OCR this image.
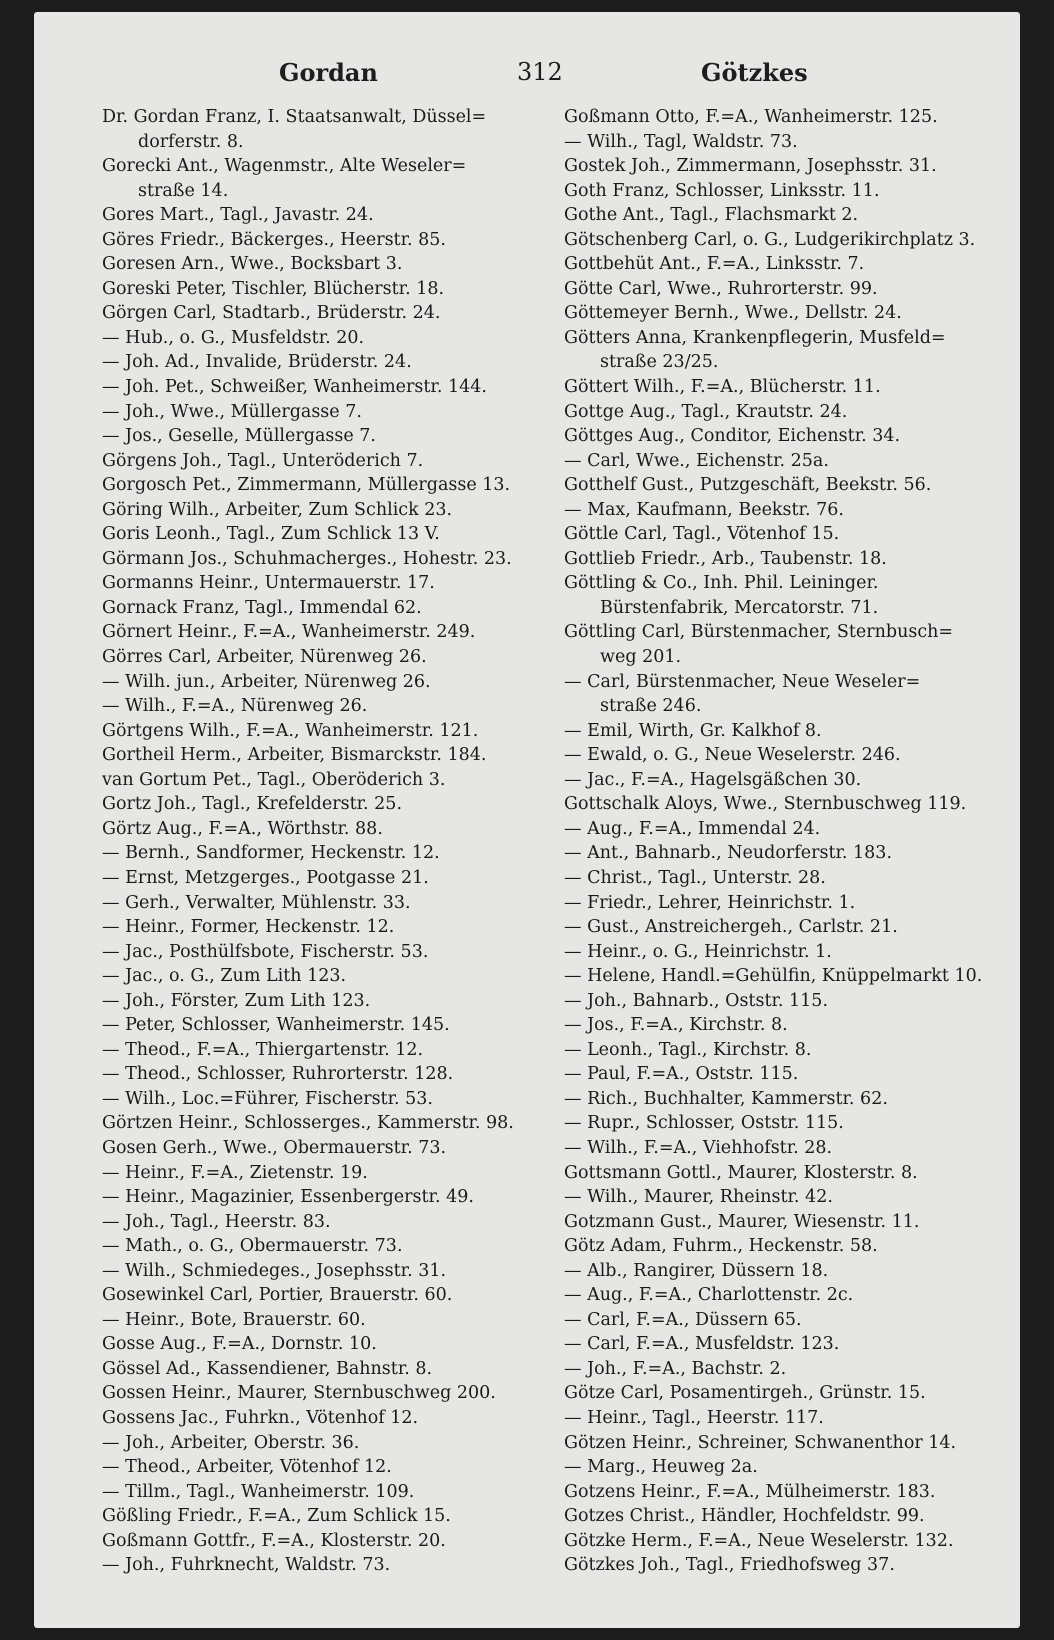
Gordan	312	Götzkes
Dr. Gordan Franz, I. Staatsanwalt, Düssel=
dorferstr. 8.
Gorecki Ant., Wagenmstr., Alte Weseler=
straße 14.
Gores Mart., Tagl., Javastr. 24.
Göres Friedr., Bäckerges., Heerstr. 85.
Goresen Arn., Wwe., Bocksbart 3.
Goreski Peter, Tischler, Blücherstr. 18.
Görgen Carl, Stadtarb., Brüderstr. 24.
— Hub., o. G., Musfeldstr. 20.
— Joh. Ad., Invalide, Brüderstr. 24.
— Joh. Pet., Schweißer, Wanheimerstr. 144.
— Joh., Wwe., Müllergasse 7.
— Jos., Geselle, Müllergasse 7.
Görgens Joh., Tagl., Unteröderich 7.
Gorgosch Pet., Zimmermann, Müllergasse 13.
Göring Wilh., Arbeiter, Zum Schlick 23.
Goris Leonh., Tagl., Zum Schlick 13 V.
Görmann Jos., Schuhmacherges., Hohestr. 23.
Gormanns Heinr., Untermauerstr. 17.
Gornack Franz, Tagl., Immendal 62.
Görnert Heinr., F.=A., Wanheimerstr. 249.
Görres Carl, Arbeiter, Nürenweg 26.
— Wilh. jun., Arbeiter, Nürenweg 26.
— Wilh., F.=A., Nürenweg 26.
Görtgens Wilh., F.=A., Wanheimerstr. 121.
Gortheil Herm., Arbeiter, Bismarckstr. 184.
van Gortum Pet., Tagl., Oberöderich 3.
Gortz Joh., Tagl., Krefelderstr. 25.
Görtz Aug., F.=A., Wörthstr. 88.
— Bernh., Sandformer, Heckenstr. 12.
— Ernst, Metzgerges., Pootgasse 21.
— Gerh., Verwalter, Mühlenstr. 33.
— Heinr., Former, Heckenstr. 12.
— Jac., Posthülfsbote, Fischerstr. 53.
— Jac., o. G., Zum Lith 123.
— Joh., Förster, Zum Lith 123.
— Peter, Schlosser, Wanheimerstr. 145.
— Theod., F.=A., Thiergartenstr. 12.
— Theod., Schlosser, Ruhrorterstr. 128.
— Wilh., Loc.=Führer, Fischerstr. 53.
Görtzen Heinr., Schlosserges., Kammerstr. 98.
Gosen Gerh., Wwe., Obermauerstr. 73.
— Heinr., F.=A., Zietenstr. 19.
— Heinr., Magazinier, Essenbergerstr. 49.
— Joh., Tagl., Heerstr. 83.
— Math., o. G., Obermauerstr. 73.
— Wilh., Schmiedeges., Josephsstr. 31.
Gosewinkel Carl, Portier, Brauerstr. 60.
— Heinr., Bote, Brauerstr. 60.
Gosse Aug., F.=A., Dornstr. 10.
Gössel Ad., Kassendiener, Bahnstr. 8.
Gossen Heinr., Maurer, Sternbuschweg 200.
Gossens Jac., Fuhrkn., Vötenhof 12.
— Joh., Arbeiter, Oberstr. 36.
— Theod., Arbeiter, Vötenhof 12.
— Tillm., Tagl., Wanheimerstr. 109.
Gößling Friedr., F.=A., Zum Schlick 15.
Goßmann Gottfr., F.=A., Klosterstr. 20.
— Joh., Fuhrknecht, Waldstr. 73.
Goßmann Otto, F.=A., Wanheimerstr. 125.
— Wilh., Tagl, Waldstr. 73.
Gostek Joh., Zimmermann, Josephsstr. 31.
Goth Franz, Schlosser, Linksstr. 11.
Gothe Ant., Tagl., Flachsmarkt 2.
Götschenberg Carl, o. G., Ludgerikirchplatz 3.
Gottbehüt Ant., F.=A., Linksstr. 7.
Götte Carl, Wwe., Ruhrorterstr. 99.
Göttemeyer Bernh., Wwe., Dellstr. 24.
Götters Anna, Krankenpflegerin, Musfeld=
straße 23/25.
Göttert Wilh., F.=A., Blücherstr. 11.
Gottge Aug., Tagl., Krautstr. 24.
Göttges Aug., Conditor, Eichenstr. 34.
— Carl, Wwe., Eichenstr. 25a.
Gotthelf Gust., Putzgeschäft, Beekstr. 56.
— Max, Kaufmann, Beekstr. 76.
Göttle Carl, Tagl., Vötenhof 15.
Gottlieb Friedr., Arb., Taubenstr. 18.
Göttling & Co., Inh. Phil. Leininger.
Bürstenfabrik, Mercatorstr. 71.
Göttling Carl, Bürstenmacher, Sternbusch=
weg 201.
— Carl, Bürstenmacher, Neue Weseler=
straße 246.
— Emil, Wirth, Gr. Kalkhof 8.
— Ewald, o. G., Neue Weselerstr. 246.
— Jac., F.=A., Hagelsgäßchen 30.
Gottschalk Aloys, Wwe., Sternbuschweg 119.
— Aug., F.=A., Immendal 24.
— Ant., Bahnarb., Neudorferstr. 183.
— Christ., Tagl., Unterstr. 28.
— Friedr., Lehrer, Heinrichstr. 1.
— Gust., Anstreichergeh., Carlstr. 21.
— Heinr., o. G., Heinrichstr. 1.
— Helene, Handl.=Gehülfin, Knüppelmarkt 10.
— Joh., Bahnarb., Oststr. 115.
— Jos., F.=A., Kirchstr. 8.
— Leonh., Tagl., Kirchstr. 8.
— Paul, F.=A., Oststr. 115.
— Rich., Buchhalter, Kammerstr. 62.
— Rupr., Schlosser, Oststr. 115.
— Wilh., F.=A., Viehhofstr. 28.
Gottsmann Gottl., Maurer, Klosterstr. 8.
— Wilh., Maurer, Rheinstr. 42.
Gotzmann Gust., Maurer, Wiesenstr. 11.
Götz Adam, Fuhrm., Heckenstr. 58.
— Alb., Rangirer, Düssern 18.
— Aug., F.=A., Charlottenstr. 2c.
— Carl, F.=A., Düssern 65.
— Carl, F.=A., Musfeldstr. 123.
— Joh., F.=A., Bachstr. 2.
Götze Carl, Posamentirgeh., Grünstr. 15.
— Heinr., Tagl., Heerstr. 117.
Götzen Heinr., Schreiner, Schwanenthor 14.
— Marg., Heuweg 2a.
Gotzens Heinr., F.=A., Mülheimerstr. 183.
Gotzes Christ., Händler, Hochfeldstr. 99.
Götzke Herm., F.=A., Neue Weselerstr. 132.
Götzkes Joh., Tagl., Friedhofsweg 37.
